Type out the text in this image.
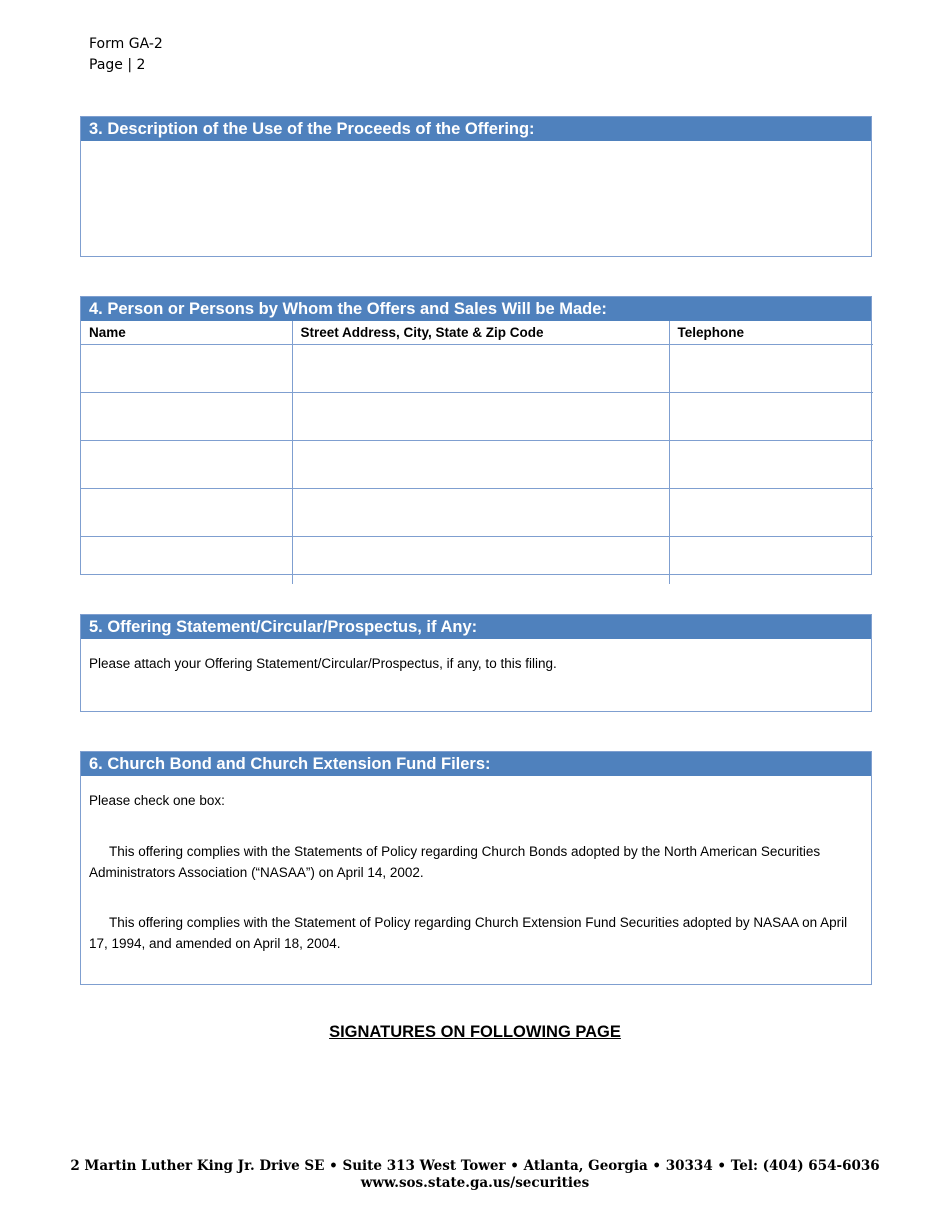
Form GA-2
Page | 2
3. Description of the Use of the Proceeds of the Offering:
4. Person or Persons by Whom the Offers and Sales Will be Made:
Name	Street Address, City, State & Zip Code	Telephone

5. Offering Statement/Circular/Prospectus, if Any:
Please attach your Offering Statement/Circular/Prospectus, if any, to this filing.
6. Church Bond and Church Extension Fund Filers:
Please check one box:
This offering complies with the Statements of Policy regarding Church Bonds adopted by the North American Securities Administrators Association (“NASAA”) on April 14, 2002.
This offering complies with the Statement of Policy regarding Church Extension Fund Securities adopted by NASAA on April 17, 1994, and amended on April 18, 2004.
SIGNATURES ON FOLLOWING PAGE
2 Martin Luther King Jr. Drive SE • Suite 313 West Tower • Atlanta, Georgia • 30334 • Tel: (404) 654-6036
www.sos.state.ga.us/securities
